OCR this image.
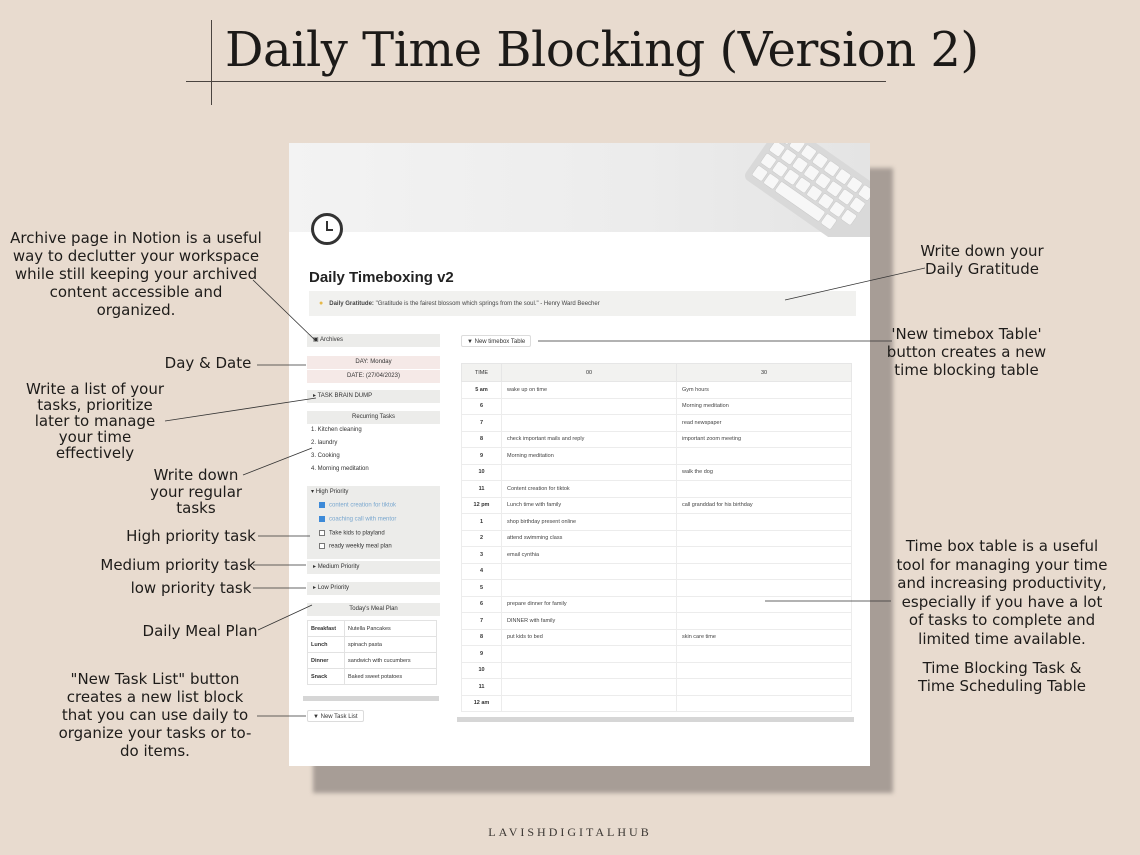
Daily Time Blocking (Version 2)
Daily Timeboxing v2
● Daily Gratitude: "Gratitude is the fairest blossom which springs from the soul." - Henry Ward Beecher
▣ Archives
DAY: Monday
DATE: (27/04/2023)
▸ TASK BRAIN DUMP
Recurring Tasks
1. Kitchen cleaning
2. laundry
3. Cooking
4. Morning meditation
▾ High Priority
content creation for tiktok
coaching call with mentor
Take kids to playland
ready weekly meal plan
▸ Medium Priority
▸ Low Priority
Today's Meal Plan
Breakfast	Nutella Pancakes
Lunch	spinach pasta
Dinner	sandwich with cucumbers
Snack	Baked sweet potatoes
▼ New Task List
▼ New timebox Table
TIME	00	30
5 am	wake up on time	Gym hours
6		Morning meditation
7		read newspaper
8	check important mails and reply	important zoom meeting
9	Morning meditation	
10		walk the dog
11	Content creation for tiktok	
12 pm	Lunch time with family	call granddad for his birthday
1	shop birthday present online	
2	attend swimming class	
3	email cynthia	
4		
5		
6	prepare dinner for family	
7	DINNER with family	
8	put kids to bed	skin care time
9		
10		
11		
12 am		
Archive page in Notion is a useful way to declutter your workspace while still keeping your archived content accessible and organized.
Day & Date
Write a list of your tasks, prioritize later to manage your time effectively
Write down your regular tasks
High priority task
Medium priority task
low priority task
Daily Meal Plan
"New Task List" button creates a new list block that you can use daily to organize your tasks or to-do items.
Write down your Daily Gratitude
'New timebox Table' button creates a new time blocking table
Time box table is a useful tool for managing your time and increasing productivity, especially if you have a lot of tasks to complete and limited time available.
Time Blocking Task & Time Scheduling Table
LAVISHDIGITALHUB
